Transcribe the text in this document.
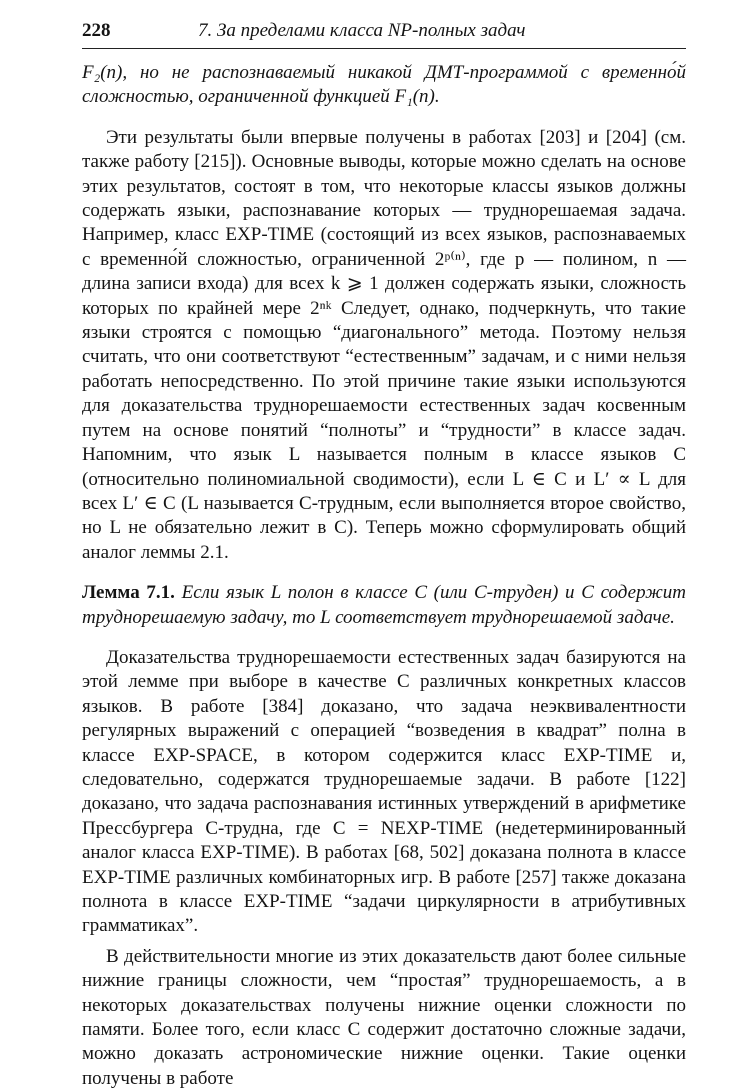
228	7. За пределами класса NP-полных задач

F₂(n), но не распознаваемый никакой ДМТ-программой с временно́й сложностью, ограниченной функцией F₁(n).

Эти результаты были впервые получены в работах [203] и [204] (см. также работу [215]). Основные выводы, которые можно сделать на основе этих результатов, состоят в том, что некоторые классы языков должны содержать языки, распознавание которых — труднорешаемая задача. Например, класс EXP-TIME (состоящий из всех языков, распознаваемых с временно́й сложностью, ограниченной 2ᵖ⁽ⁿ⁾, где p — полином, n — длина записи входа) для всех k ⩾ 1 должен содержать языки, сложность которых по крайней мере 2ⁿᵏ Следует, однако, подчеркнуть, что такие языки строятся с помощью “диагонального” метода. Поэтому нельзя считать, что они соответствуют “естественным” задачам, и с ними нельзя работать непосредственно. По этой причине такие языки используются для доказательства труднорешаемости естественных задач косвенным путем на основе понятий “полноты” и “трудности” в классе задач. Напомним, что язык L называется полным в классе языков C (относительно полиномиальной сводимости), если L ∈ C и L′ ∝ L для всех L′ ∈ C (L называется C-трудным, если выполняется второе свойство, но L не обязательно лежит в C). Теперь можно сформулировать общий аналог леммы 2.1.

Лемма 7.1. Если язык L полон в классе C (или C-труден) и C содержит труднорешаемую задачу, то L соответствует труднорешаемой задаче.

Доказательства труднорешаемости естественных задач базируются на этой лемме при выборе в качестве C различных конкретных классов языков. В работе [384] доказано, что задача неэквивалентности регулярных выражений с операцией “возведения в квадрат” полна в классе EXP-SPACE, в котором содержится класс EXP-TIME и, следовательно, содержатся труднорешаемые задачи. В работе [122] доказано, что задача распознавания истинных утверждений в арифметике Прессбургера C-трудна, где C = NEXP-TIME (недетерминированный аналог класса EXP-TIME). В работах [68, 502] доказана полнота в классе EXP-TIME различных комбинаторных игр. В работе [257] также доказана полнота в классе EXP-TIME “задачи циркулярности в атрибутивных грамматиках”.

В действительности многие из этих доказательств дают более сильные нижние границы сложности, чем “простая” труднорешаемость, а в некоторых доказательствах получены нижние оценки сложности по памяти. Более того, если класс C содержит достаточно сложные задачи, можно доказать астрономические нижние оценки. Такие оценки получены в работе
